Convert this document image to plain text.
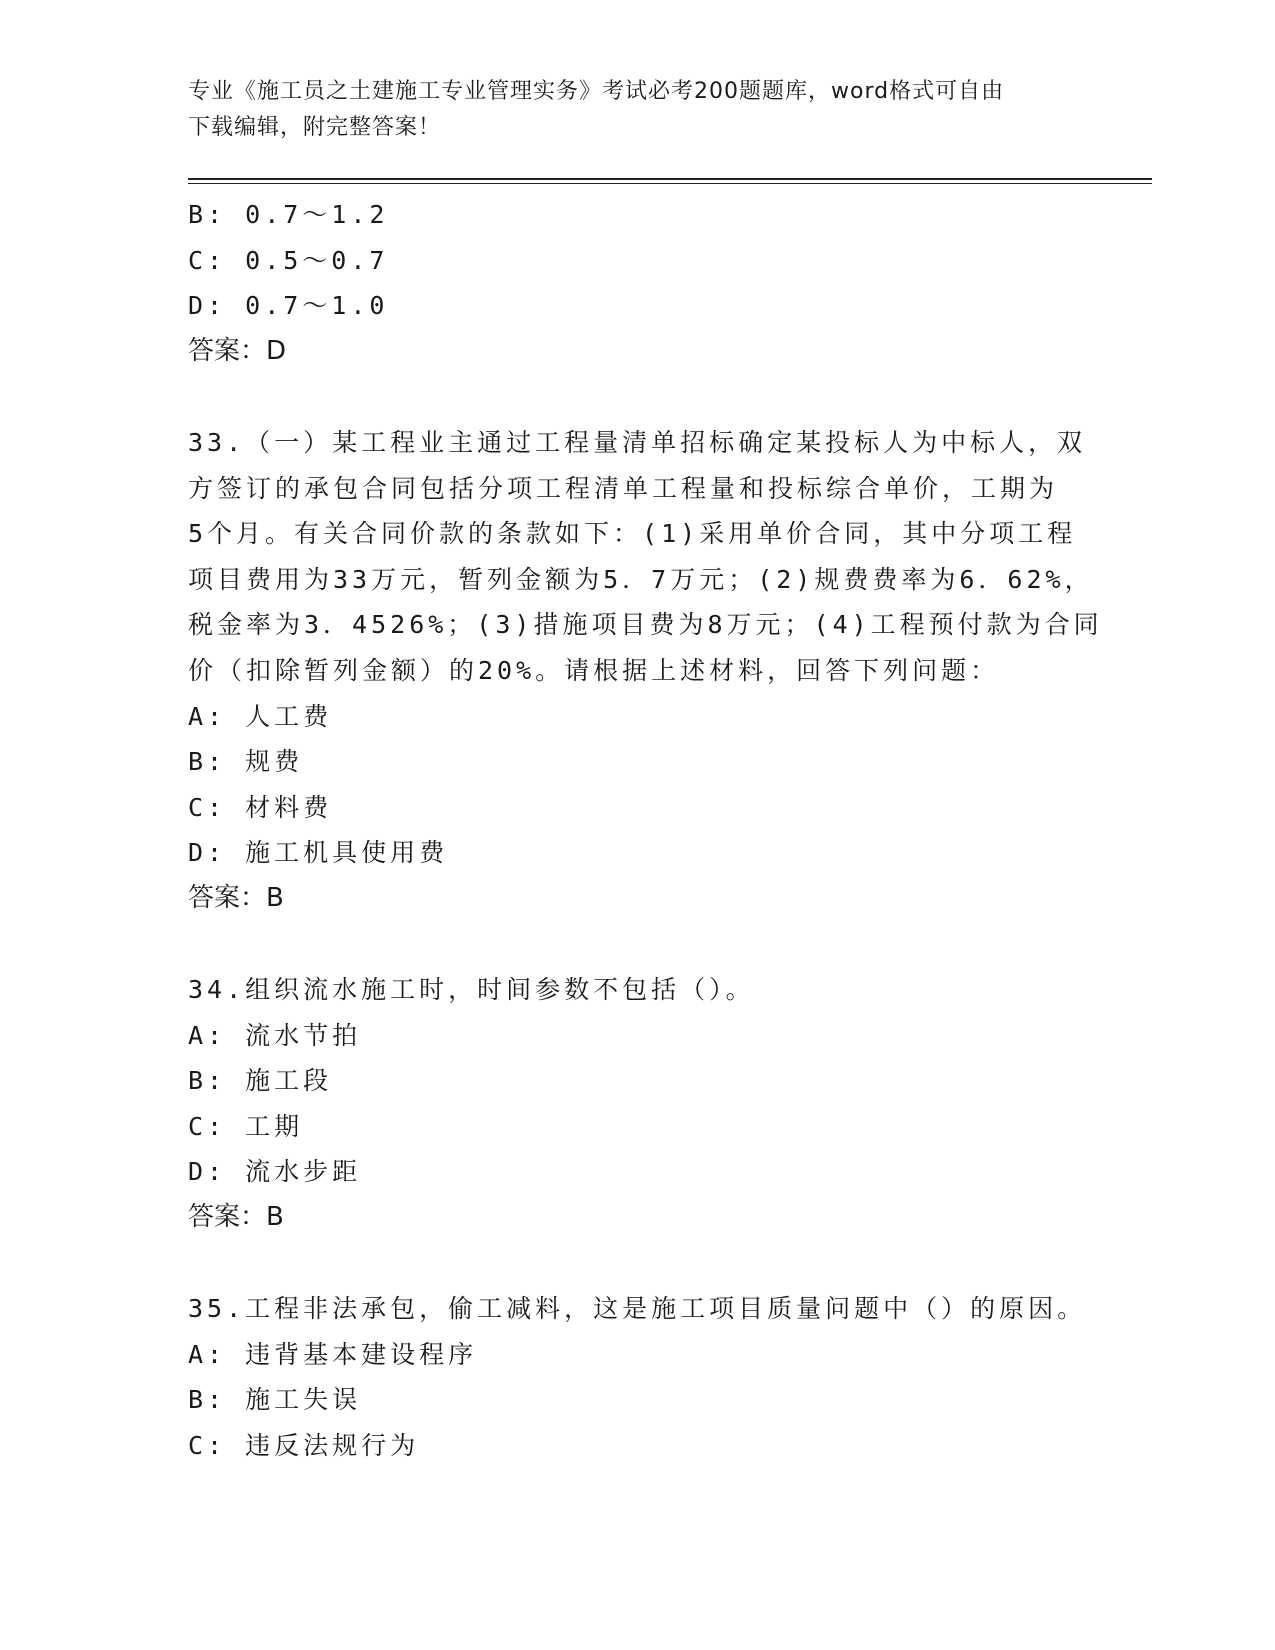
专业《施工员之土建施工专业管理实务》考试必考200题题库，word格式可自由
下载编辑，附完整答案！
B: 0.7～1.2
C: 0.5～0.7
D: 0.7～1.0
答案：D
33.（一）某工程业主通过工程量清单招标确定某投标人为中标人，双
方签订的承包合同包括分项工程清单工程量和投标综合单价，工期为
5个月。有关合同价款的条款如下：(1)采用单价合同，其中分项工程
项目费用为33万元，暂列金额为5．7万元；(2)规费费率为6．62%，
税金率为3．4526%；(3)措施项目费为8万元；(4)工程预付款为合同
价（扣除暂列金额）的20%。请根据上述材料，回答下列问题：
A: 人工费
B: 规费
C: 材料费
D: 施工机具使用费
答案：B
34.组织流水施工时，时间参数不包括（）。
A: 流水节拍
B: 施工段
C: 工期
D: 流水步距
答案：B
35.工程非法承包，偷工减料，这是施工项目质量问题中（）的原因。
A: 违背基本建设程序
B: 施工失误
C: 违反法规行为
